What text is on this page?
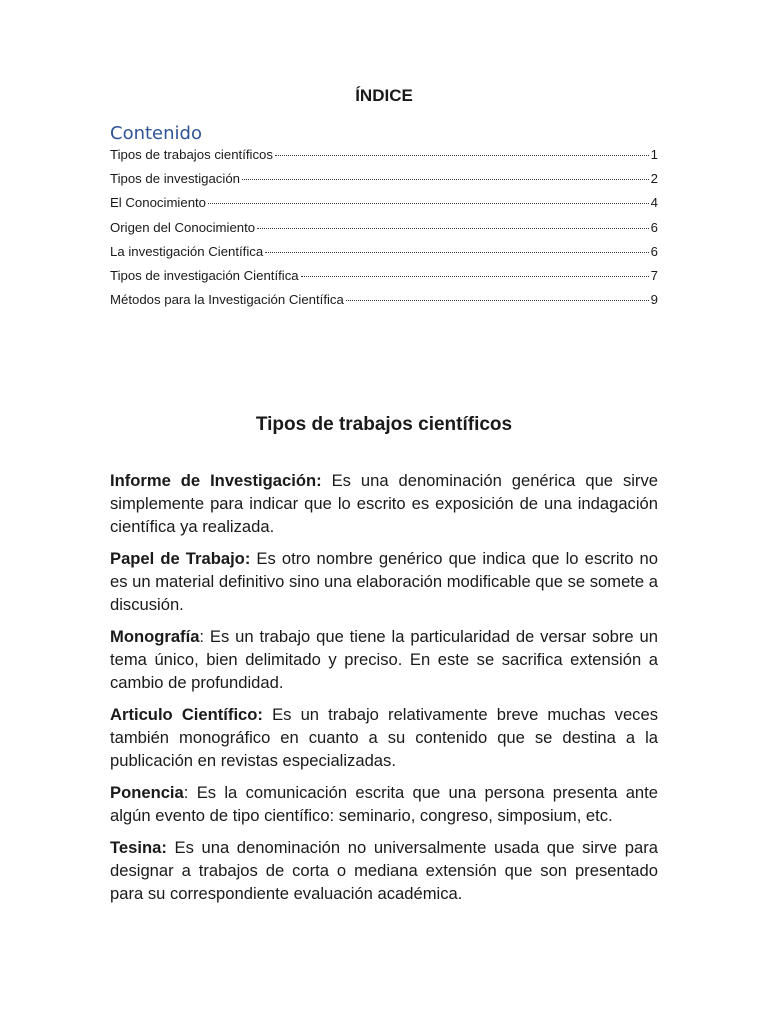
ÍNDICE
Contenido
Tipos de trabajos científicos	1
Tipos de investigación	2
El Conocimiento	4
Origen del Conocimiento	6
La investigación Científica	6
Tipos de investigación Científica	7
Métodos para la Investigación Científica	9
Tipos de trabajos científicos

Informe de Investigación: Es una denominación genérica que sirve simplemente para indicar que lo escrito es exposición de una indagación científica ya realizada.

Papel de Trabajo: Es otro nombre genérico que indica que lo escrito no es un material definitivo sino una elaboración modificable que se somete a discusión.

Monografía: Es un trabajo que tiene la particularidad de versar sobre un tema único, bien delimitado y preciso. En este se sacrifica extensión a cambio de profundidad.

Articulo Científico: Es un trabajo relativamente breve muchas veces también monográfico en cuanto a su contenido que se destina a la publicación en revistas especializadas.

Ponencia: Es la comunicación escrita que una persona presenta ante algún evento de tipo científico: seminario, congreso, simposium, etc.

Tesina: Es una denominación no universalmente usada que sirve para designar a trabajos de corta o mediana extensión que son presentado para su correspondiente evaluación académica.
